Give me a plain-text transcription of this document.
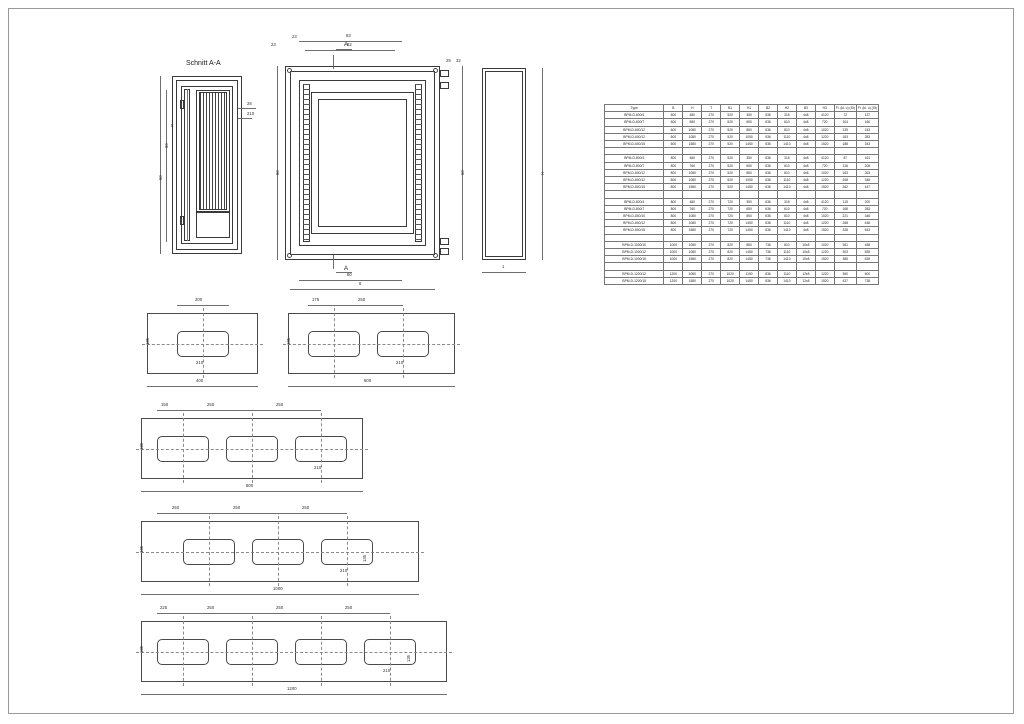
Schnitt A-A
50
50
28
210
5
A
A
83
82
23
23
29 32
50	60
80
8
H
1
200
210
135
400
175	250
210
135
600
150	250	250
210
135
800
250	250	250
210
135
135
1000
225	250	250	250
210
135
135
1200
Type	B	H	T	B1	H1	B2	H2	B3	H3	Fl. (kl. u) (St)	Fl. (kl. u) (St)
BPM-D-600/4	600	480	270	520	350	536	315	4x8	4120	72	137
BPM-D-600/7	600	580	270	520	650	536	610	4x8	720	104	160
BPM-D-600/12	600	1080	270	520	850	536	810	4x8	1020	139	243
BPM-D-600/12	600	1080	270	520	1050	536	1110	4x8	1220	163	283
BPM-D-600/15	600	1580	270	520	1450	536	1410	4x8	1520	188	343

BPM-D-800/4	800	480	270	520	350	636	315	4x8	4120	87	161
BPM-D-800/7	800	760	270	520	650	636	610	4x8	720	116	208
BPM-D-800/12	800	1080	270	520	850	636	810	4x8	1020	163	263
BPM-D-800/12	800	1080	270	520	1050	636	1110	4x8	1220	208	345
BPM-D-800/15	800	1580	270	520	1450	636	1410	4x8	1520	262	447

BPM-D-800/4	800	480	270	720	350	636	315	4x8	4120	115	200
BPM-D-800/7	800	760	270	720	650	636	610	4x8	720	168	283
BPM-D-800/10	800	1080	270	720	850	636	810	4x8	1020	221	346
BPM-D-800/12	800	1080	270	720	1450	636	1110	4x8	1220	268	448
BPM-D-800/15	800	1580	270	720	1450	636	1410	4x8	1520	328	543

BPM-D-1000/10	1000	1080	270	820	850	736	810	10x8	1020	361	458
BPM-D-1000/12	1000	1080	270	820	1450	736	1110	10x8	1220	303	535
BPM-D-1000/15	1000	1580	270	820	1450	736	1410	10x8	1520	385	639

BPM-D-1200/12	1200	1080	270	1020	1150	836	1110	12x8	1220	360	600
BPM-D-1200/15	1200	1580	270	1020	1450	836	1410	12x8	1520	437	738
